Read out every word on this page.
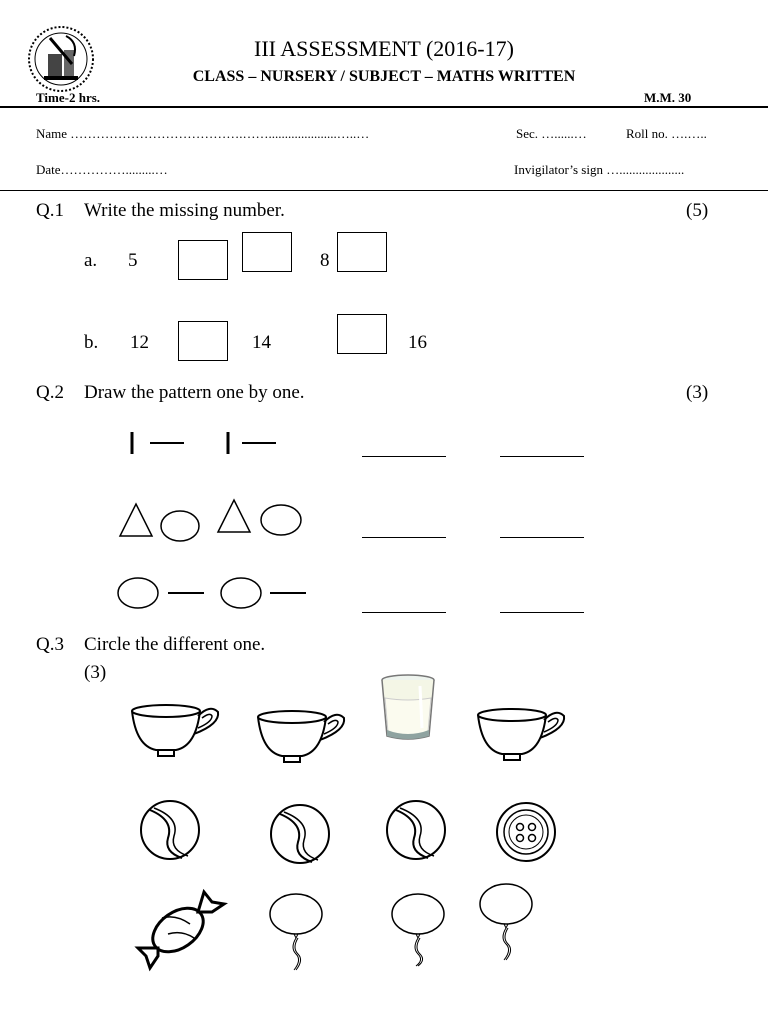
III ASSESSMENT (2016-17)
CLASS – NURSERY / SUBJECT – MATHS WRITTEN
Time-2 hrs.	M.M. 30
Name ………………………………….…….....................…..…	Sec. …......…	Roll no. ….…..
Date…………….........…	Invigilator’s sign …....................
Q.1 Write the missing number.	(5)
a. 5	8
b. 12	14	16
Q.2 Draw the pattern one by one.	(3)
Q.3 Circle the different one.
(3)
